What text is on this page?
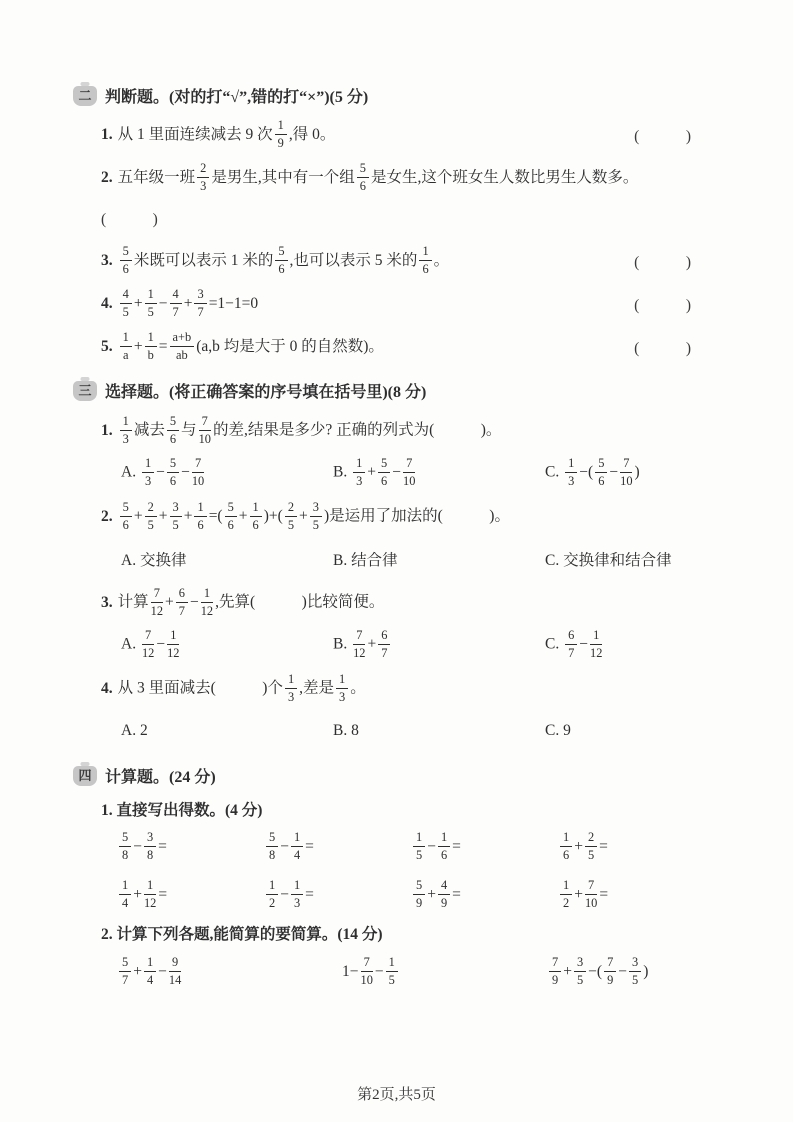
二 判断题。(对的打“√”,错的打“×”)(5 分)
1. 从 1 里面连续减去 9 次 $\frac{1}{9}$ ,得 0。	(　　　)
2. 五年级一班 $\frac{2}{3}$ 是男生,其中有一个组 $\frac{5}{6}$ 是女生,这个班女生人数比男生人数多。
(　　　)
3. $\frac{5}{6}$ 米既可以表示 1 米的 $\frac{5}{6}$ ,也可以表示 5 米的 $\frac{1}{6}$ 。	(　　　)
4. $\frac{4}{5} + \frac{1}{5} - \frac{4}{7} + \frac{3}{7} =1-1=0$	(　　　)
5. $\frac{1}{a} + \frac{1}{b} = \frac{a+b}{ab} (a,b$ 均是大于 0 的自然数)。	(　　　)
三 选择题。(将正确答案的序号填在括号里)(8 分)
1. $\frac{1}{3}$ 减去 $\frac{5}{6}$ 与 $\frac{7}{10}$ 的差,结果是多少? 正确的列式为(　　　)。
A. $\frac{1}{3} - \frac{5}{6} - \frac{7}{10}$	B. $\frac{1}{3} + \frac{5}{6} - \frac{7}{10}$	C. $\frac{1}{3}$ −( $\frac{5}{6} - \frac{7}{10}$ )
2. $\frac{5}{6} + \frac{2}{5} + \frac{3}{5} + \frac{1}{6}$ =( $\frac{5}{6} + \frac{1}{6}$ )+( $\frac{2}{5} + \frac{3}{5}$ )是运用了加法的(　　　)。
A. 交换律	B. 结合律	C. 交换律和结合律
3. 计算 $\frac{7}{12} + \frac{6}{7} - \frac{1}{12}$ ,先算(　　　)比较简便。
A. $\frac{7}{12} - \frac{1}{12}$	B. $\frac{7}{12} + \frac{6}{7}$	C. $\frac{6}{7} - \frac{1}{12}$
4. 从 3 里面减去(　　　)个 $\frac{1}{3}$ ,差是 $\frac{1}{3}$ 。
A. 2	B. 8	C. 9
四 计算题。(24 分)
1. 直接写出得数。(4 分)
$\frac{5}{8} - \frac{3}{8}$ =	$\frac{5}{8} - \frac{1}{4}$ =	$\frac{1}{5} - \frac{1}{6}$ =	$\frac{1}{6} + \frac{2}{5}$ =
$\frac{1}{4} + \frac{1}{12}$ =	$\frac{1}{2} - \frac{1}{3}$ =	$\frac{5}{9} + \frac{4}{9}$ =	$\frac{1}{2} + \frac{7}{10}$ =
2. 计算下列各题,能简算的要简算。(14 分)
$\frac{5}{7} + \frac{1}{4} - \frac{9}{14}$	$1- \frac{7}{10} - \frac{1}{5}$	$\frac{7}{9} + \frac{3}{5}$ −( $\frac{7}{9} - \frac{3}{5}$ )
第2页,共5页
